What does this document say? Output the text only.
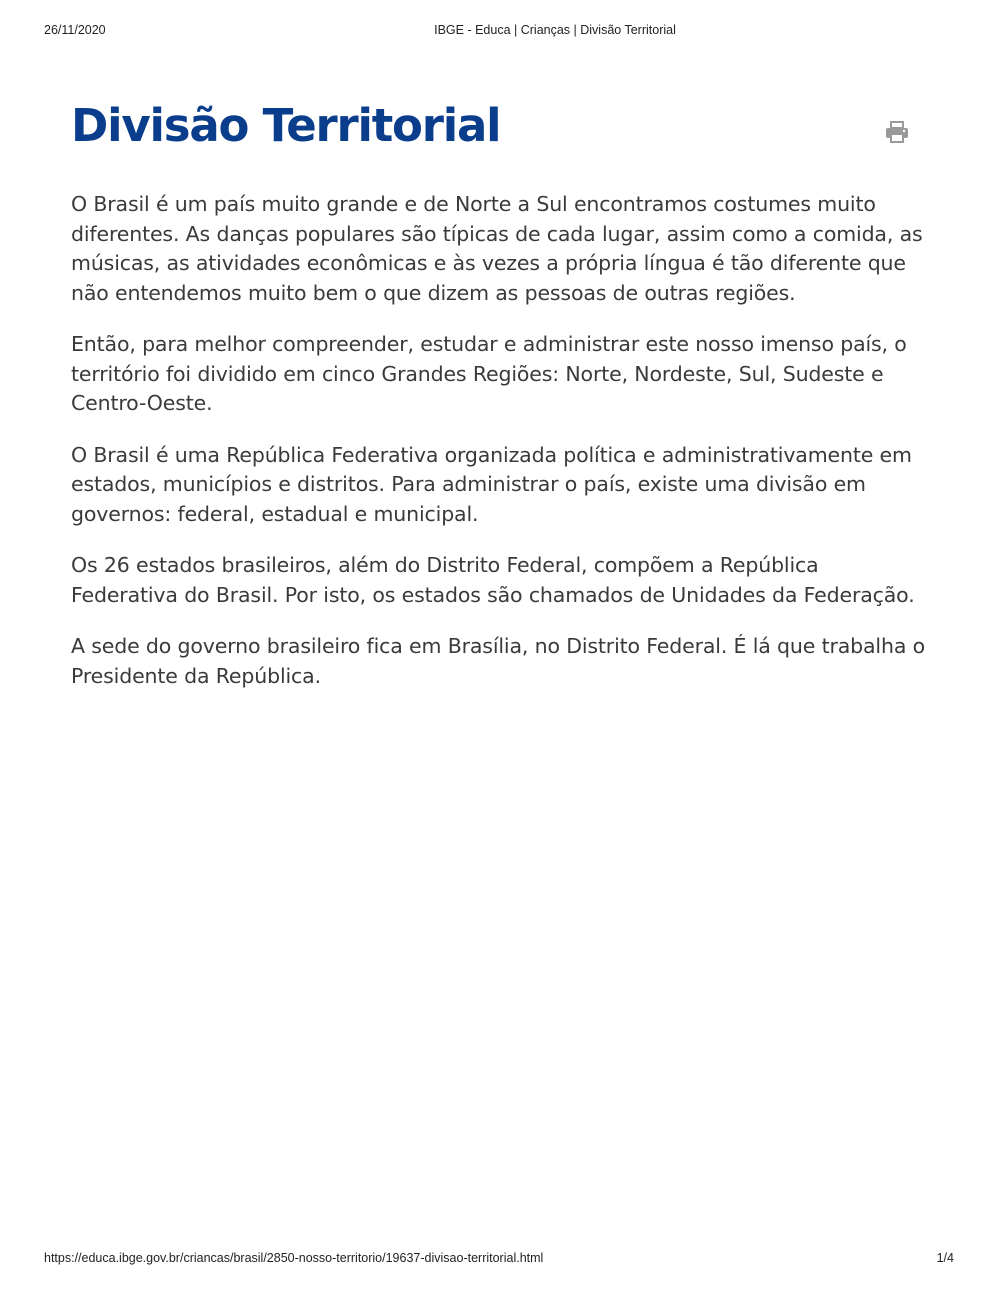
26/11/2020	IBGE - Educa | Crianças | Divisão Territorial
Divisão Territorial

O Brasil é um país muito grande e de Norte a Sul encontramos costumes muito diferentes. As danças populares são típicas de cada lugar, assim como a comida, as músicas, as atividades econômicas e às vezes a própria língua é tão diferente que não entendemos muito bem o que dizem as pessoas de outras regiões.

Então, para melhor compreender, estudar e administrar este nosso imenso país, o território foi dividido em cinco Grandes Regiões: Norte, Nordeste, Sul, Sudeste e Centro-Oeste.

O Brasil é uma República Federativa organizada política e administrativamente em estados, municípios e distritos. Para administrar o país, existe uma divisão em governos: federal, estadual e municipal.

Os 26 estados brasileiros, além do Distrito Federal, compõem a República Federativa do Brasil. Por isto, os estados são chamados de Unidades da Federação.

A sede do governo brasileiro fica em Brasília, no Distrito Federal. É lá que trabalha o Presidente da República.

https://educa.ibge.gov.br/criancas/brasil/2850-nosso-territorio/19637-divisao-territorial.html	1/4
